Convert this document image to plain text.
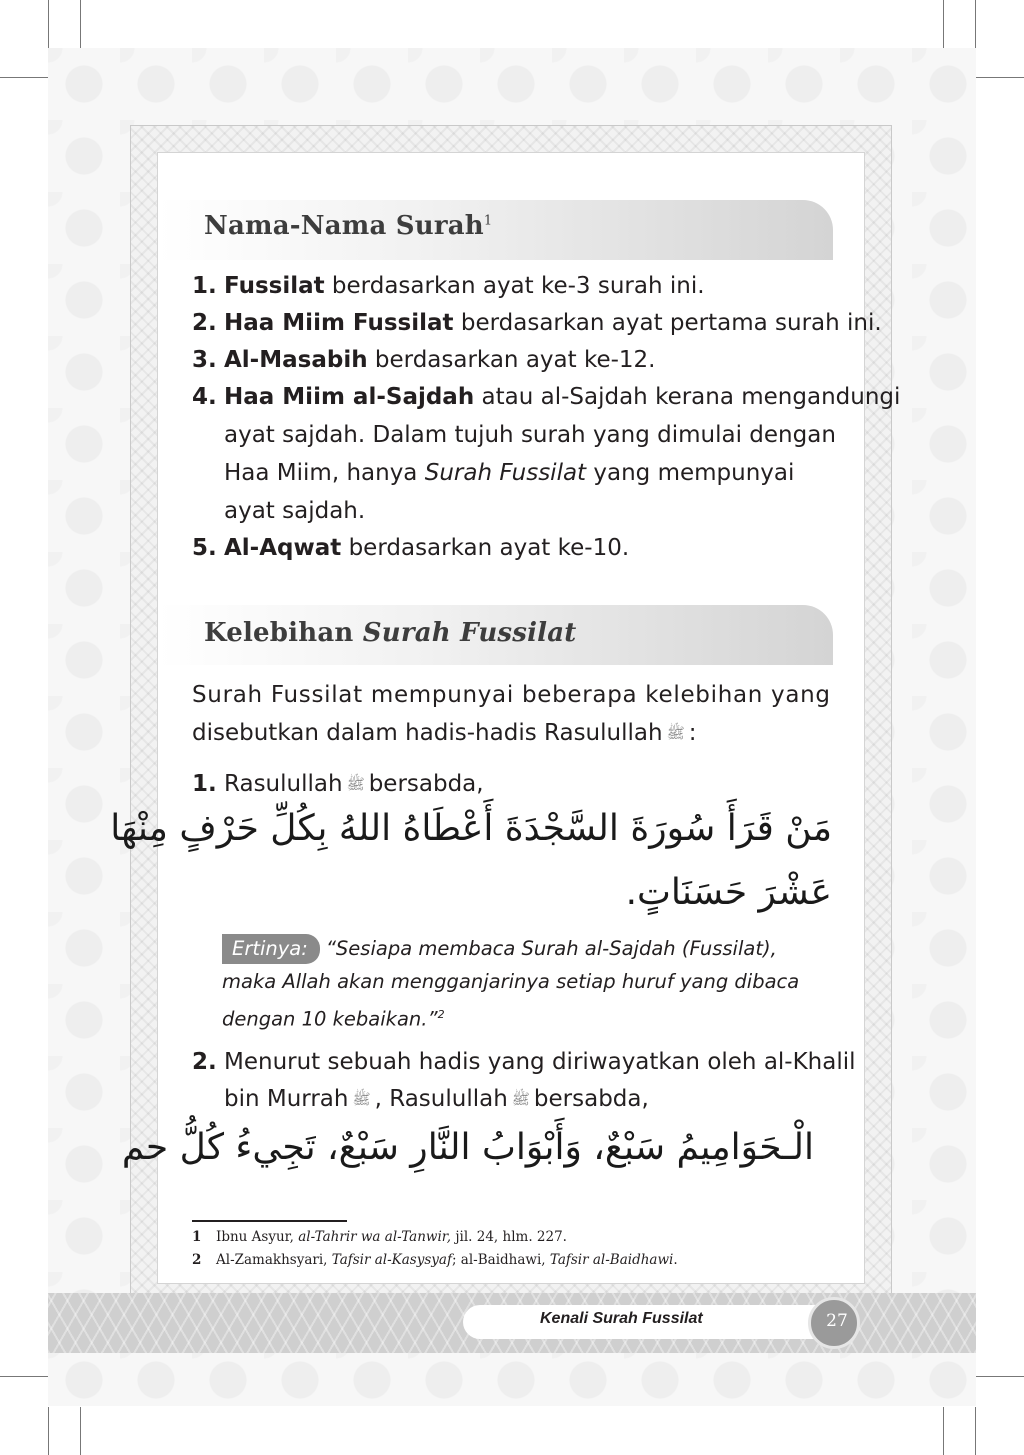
Nama-Nama Surah$^1$
1. Fussilat berdasarkan ayat ke-3 surah ini.
2. Haa Miim Fussilat berdasarkan ayat pertama surah ini.
3. Al-Masabih berdasarkan ayat ke-12.
4. Haa Miim al-Sajdah atau al-Sajdah kerana mengandungi
ayat sajdah. Dalam tujuh surah yang dimulai dengan
Haa Miim, hanya Surah Fussilat yang mempunyai
ayat sajdah.
5. Al-Aqwat berdasarkan ayat ke-10.
Kelebihan Surah Fussilat
Surah Fussilat mempunyai beberapa kelebihan yang
disebutkan dalam hadis-hadis Rasulullah ﷺ :
1. Rasulullah ﷺ bersabda,
مَنْ قَرَأَ سُورَةَ السَّجْدَةَ أَعْطَاهُ اللهُ بِكُلِّ حَرْفٍ مِنْهَا
عَشْرَ حَسَنَاتٍ.
Ertinya: “Sesiapa membaca Surah al-Sajdah (Fussilat),
maka Allah akan mengganjarinya setiap huruf yang dibaca
dengan 10 kebaikan.”$^2$
2. Menurut sebuah hadis yang diriwayatkan oleh al-Khalil
bin Murrah ﷺ , Rasulullah ﷺ bersabda,
الْـحَوَامِيمُ سَبْعٌ، وَأَبْوَابُ النَّارِ سَبْعٌ، تَجِيءُ كُلُّ حم
1 Ibnu Asyur, al-Tahrir wa al-Tanwir, jil. 24, hlm. 227.
2 Al-Zamakhsyari, Tafsir al-Kasysyaf; al-Baidhawi, Tafsir al-Baidhawi.
Kenali Surah Fussilat	27
